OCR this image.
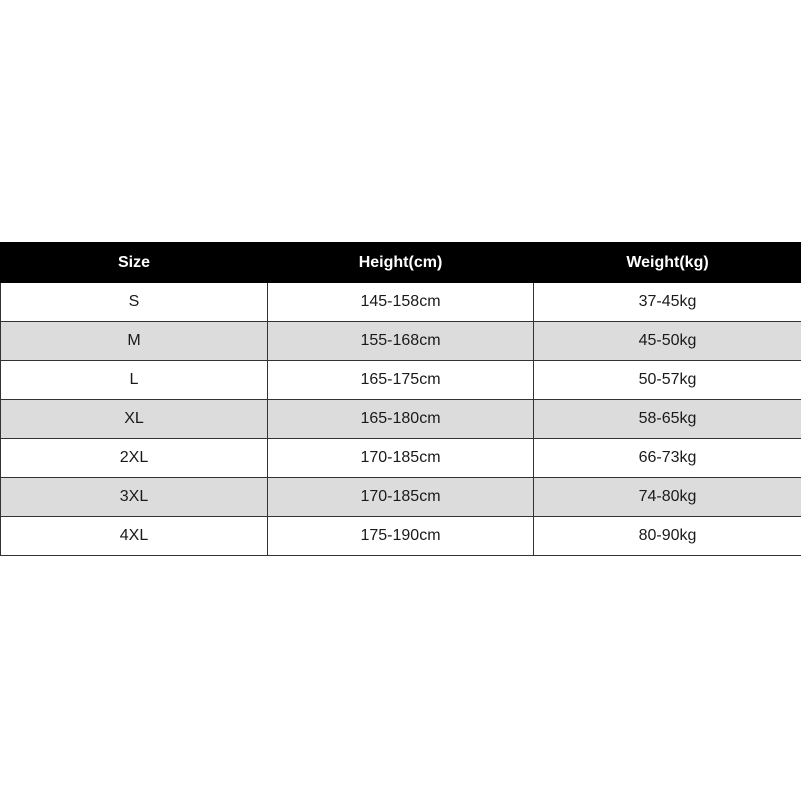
Size	Height(cm)	Weight(kg)
S	145-158cm	37-45kg
M	155-168cm	45-50kg
L	165-175cm	50-57kg
XL	165-180cm	58-65kg
2XL	170-185cm	66-73kg
3XL	170-185cm	74-80kg
4XL	175-190cm	80-90kg
